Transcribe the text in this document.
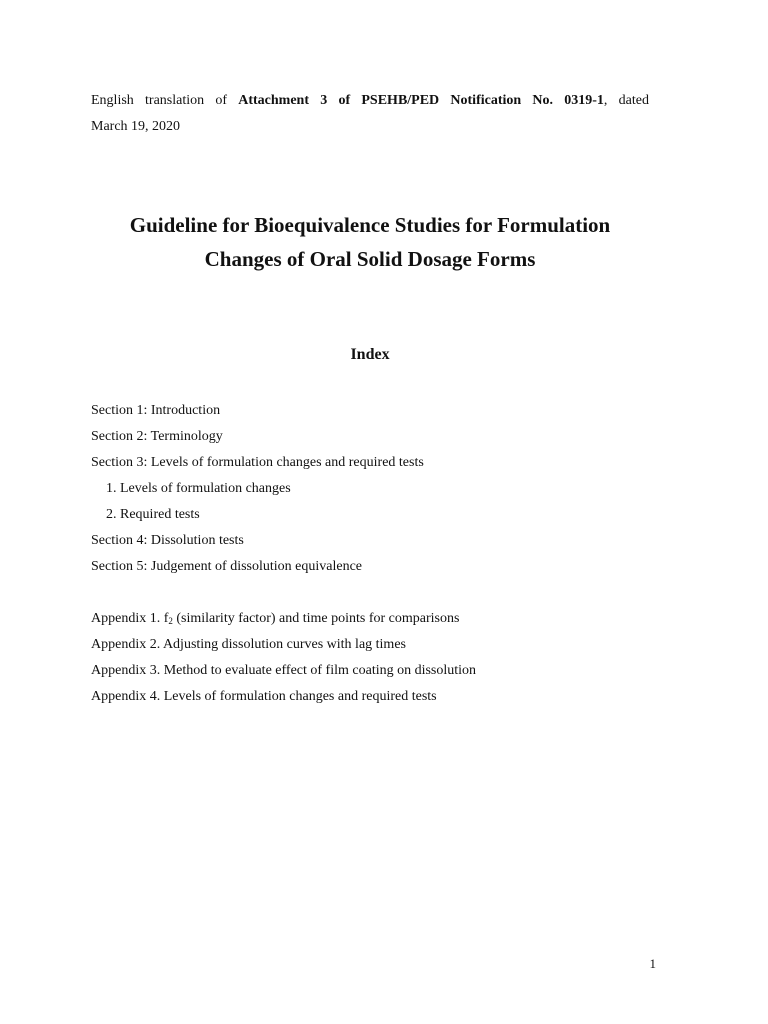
English translation of Attachment 3 of PSEHB/PED Notification No. 0319-1, dated
March 19, 2020
Guideline for Bioequivalence Studies for Formulation
Changes of Oral Solid Dosage Forms
Index
Section 1: Introduction
Section 2: Terminology
Section 3: Levels of formulation changes and required tests
1. Levels of formulation changes
2. Required tests
Section 4: Dissolution tests
Section 5: Judgement of dissolution equivalence
Appendix 1. $f_2$ (similarity factor) and time points for comparisons
Appendix 2. Adjusting dissolution curves with lag times
Appendix 3. Method to evaluate effect of film coating on dissolution
Appendix 4. Levels of formulation changes and required tests
1
